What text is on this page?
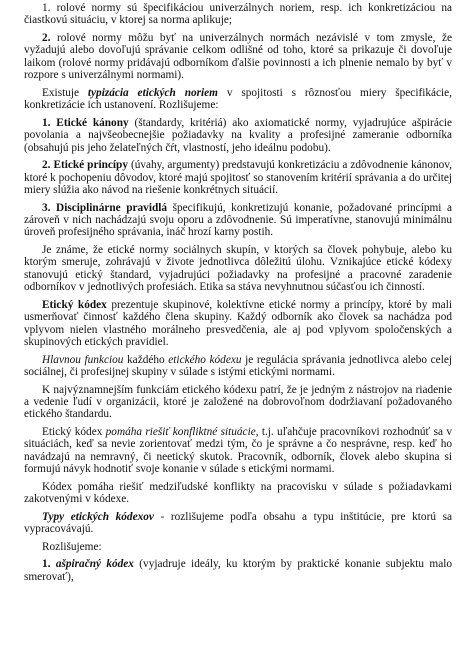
1. rolové normy sú špecifikáciou univerzálnych noriem, resp. ich konkretizáciou na čiastkovú situáciu, v ktorej sa norma aplikuje;

2. rolové normy môžu byť na univerzálnych normách nezávislé v tom zmysle, že vyžadujú alebo dovoľujú správanie celkom odlišné od toho, ktoré sa prikazuje či dovoľuje laikom (rolové normy pridávajú odborníkom ďalšie povinnosti a ich plnenie nemalo by byť v rozpore s univerzálnymi normami).

Existuje typizácia etických noriem v spojitosti s rôznosťou miery špecifikácie, konkretizácie ich ustanovení. Rozlišujeme:

1. Etické kánony (štandardy, kritériá) ako axiomatické normy, vyjadrujúce ašpirácie povolania a najvšeobecnejšie požiadavky na kvality a profesijné zameranie odborníka (obsahujú pis jeho želateľných čŕt, vlastností, jeho ideálnu podobu).

2. Etické princípy (úvahy, argumenty) predstavujú konkretizáciu a zdôvodnenie kánonov, ktoré k pochopeniu dôvodov, ktoré majú spojitosť so stanovením kritérií správania a do určitej miery slúžia ako návod na riešenie konkrétnych situácií.

3. Disciplinárne pravidlá špecifikujú, konkretizujú konanie, požadované princípmi a zároveň v nich nachádzajú svoju oporu a zdôvodnenie. Sú imperatívne, stanovujú minimálnu úroveň profesijného správania, ináč hrozí karny postih.

Je známe, že etické normy sociálnych skupín, v ktorých sa človek pohybuje, alebo ku ktorým smeruje, zohrávajú v živote jednotlivca dôležitú úlohu. Vznikajúce etické kódexy stanovujú etický štandard, vyjadrujúci požiadavky na profesijné a pracovné zaradenie odborníkov v jednotlivých profesiách. Etika sa stáva nevyhnutnou súčasťou ich činností.

Etický kódex prezentuje skupinové, kolektívne etické normy a princípy, ktoré by mali usmerňovať činnosť každého člena skupiny. Každý odborník ako človek sa nachádza pod vplyvom nielen vlastného morálneho presvedčenia, ale aj pod vplyvom spoločenských a skupinových etických pravidiel.

Hlavnou funkciou každého etického kódexu je regulácia správania jednotlivca alebo celej sociálnej, či profesijnej skupiny v súlade s istými etickými normami.

K najvýznamnejším funkciám etického kódexu patrí, že je jedným z nástrojov na riadenie a vedenie ľudí v organizácii, ktoré je založené na dobrovoľnom dodržiavaní požadovaného etického štandardu.

Etický kódex pomáha riešiť konfliktné situácie, t.j. uľahčuje pracovníkovi rozhodnúť sa v situáciách, keď sa nevie zorientovať medzi tým, čo je správne a čo nesprávne, resp. keď ho navádzajú na nemravný, či neetický skutok. Pracovník, odborník, človek alebo skupina si formujú návyk hodnotiť svoje konanie v súlade s etickými normami.

Kódex pomáha riešiť medziľudské konflikty na pracovisku v súlade s požiadavkami zakotvenými v kódexe.

Typy etických kódexov - rozlišujeme podľa obsahu a typu inštitúcie, pre ktorú sa vypracovávajú.

Rozlišujeme:

1. ašpiračný kódex (vyjadruje ideály, ku ktorým by praktické konanie subjektu malo smerovať),
